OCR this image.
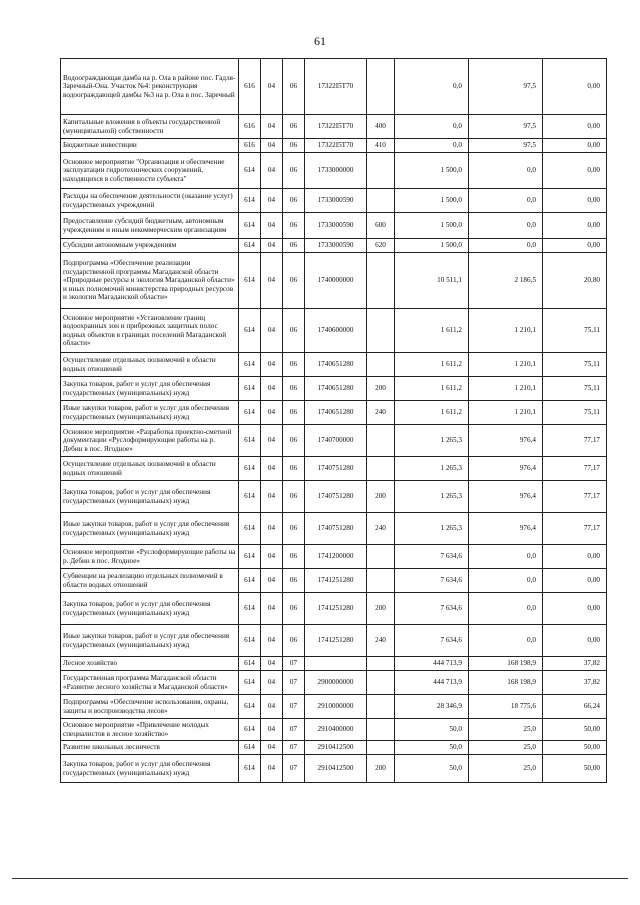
61
Водоограждающая дамба на р. Ола в районе пос. Гадля-Заречный-Она. Участок №4: реконструкция водоограждающей дамбы №3 на р. Ола в пос. Заречный	616	04	06	17322I5T70		0,0	97,5	0,00
Капитальные вложения в объекты государственной (муниципальной) собственности	616	04	06	17322I5T70	400	0,0	97,5	0,00
Бюджетные инвестиции	616	04	06	17322I5T70	410	0,0	97,5	0,00
Основное мероприятие "Организация и обеспечение эксплуатации гидротехнических сооружений, находящихся в собственности субъекта"	614	04	06	1733000000		1 500,0	0,0	0,00
Расходы на обеспечение деятельности (оказание услуг) государственных учреждений	614	04	06	1733000590		1 500,0	0,0	0,00
Предоставление субсидий бюджетным, автономным учреждениям и иным некоммерческим организациям	614	04	06	1733000590	600	1 500,0	0,0	0,00
Субсидии автономным учреждениям	614	04	06	1733000590	620	1 500,0	0,0	0,00
Подпрограмма «Обеспечение реализации государственной программы Магаданской области «Природные ресурсы и экология Магаданской области» и иных полномочий министерства природных ресурсов и экологии Магаданской области»	614	04	06	1740000000		10 511,1	2 186,5	20,80
Основное мероприятие «Установление границ водоохранных зон и прибрежных защитных полос водных объектов в границах поселений Магаданской области»	614	04	06	1740600000		1 611,2	1 210,1	75,11
Осуществление отдельных полномочий в области водных отношений	614	04	06	1740651280		1 611,2	1 210,1	75,11
Закупка товаров, работ и услуг для обеспечения государственных (муниципальных) нужд	614	04	06	1740651280	200	1 611,2	1 210,1	75,11
Иные закупки товаров, работ и услуг для обеспечения государственных (муниципальных) нужд	614	04	06	1740651280	240	1 611,2	1 210,1	75,11
Основное мероприятие «Разработка проектно-сметной документации «Руслоформирующие работы на р. Дебин в пос. Ягодное»	614	04	06	1740700000		1 265,3	976,4	77,17
Осуществление отдельных полномочий в области водных отношений	614	04	06	1740751280		1 265,3	976,4	77,17
Закупка товаров, работ и услуг для обеспечения государственных (муниципальных) нужд	614	04	06	1740751280	200	1 265,3	976,4	77,17
Иные закупки товаров, работ и услуг для обеспечения государственных (муниципальных) нужд	614	04	06	1740751280	240	1 265,3	976,4	77,17
Основное мероприятие «Руслоформирующие работы на р. Дебин в пос. Ягодное»	614	04	06	1741200000		7 634,6	0,0	0,00
Субвенции на реализацию отдельных полномочий в области водных отношений	614	04	06	1741251280		7 634,6	0,0	0,00
Закупка товаров, работ и услуг для обеспечения государственных (муниципальных) нужд	614	04	06	1741251280	200	7 634,6	0,0	0,00
Иные закупки товаров, работ и услуг для обеспечения государственных (муниципальных) нужд	614	04	06	1741251280	240	7 634,6	0,0	0,00
Лесное хозяйство	614	04	07			444 713,9	168 198,9	37,82
Государственная программа Магаданской области «Развитие лесного хозяйства в Магаданской области»	614	04	07	2900000000		444 713,9	168 198,9	37,82
Подпрограмма «Обеспечение использования, охраны, защиты и воспроизводства лесов»	614	04	07	2910000000		28 346,9	18 775,6	66,24
Основное мероприятие «Привлечение молодых специалистов в лесное хозяйство»	614	04	07	2910400000		50,0	25,0	50,00
Развитие школьных лесничеств	614	04	07	2910412500		50,0	25,0	50,00
Закупка товаров, работ и услуг для обеспечения государственных (муниципальных) нужд	614	04	07	2910412500	200	50,0	25,0	50,00
